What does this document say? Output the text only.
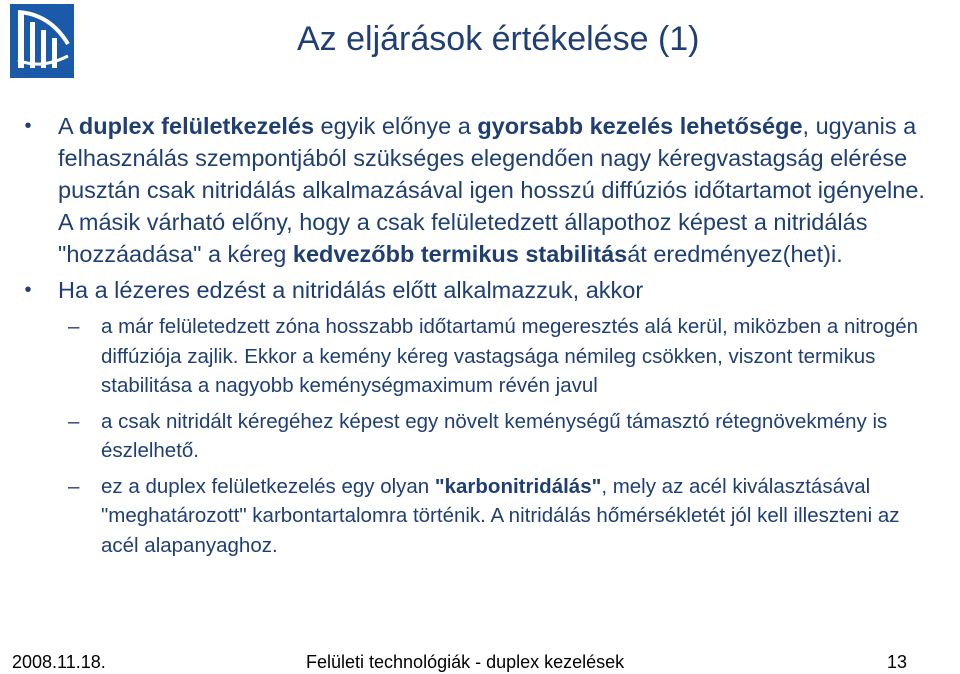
Az eljárások értékelése (1)
• A duplex felületkezelés egyik előnye a gyorsabb kezelés lehetősége, ugyanis a felhasználás szempontjából szükséges elegendően nagy kéregvastagság elérése pusztán csak nitridálás alkalmazásával igen hosszú diffúziós időtartamot igényelne. A másik várható előny, hogy a csak felületedzett állapothoz képest a nitridálás "hozzáadása" a kéreg kedvezőbb termikus stabilitását eredményez(het)i.
• Ha a lézeres edzést a nitridálás előtt alkalmazzuk, akkor
–	a már felületedzett zóna hosszabb időtartamú megeresztés alá kerül, miközben a nitrogén diffúziója zajlik. Ekkor a kemény kéreg vastagsága némileg csökken, viszont termikus stabilitása a nagyobb keménységmaximum révén javul
–	a csak nitridált kéregéhez képest egy növelt keménységű támasztó rétegnövekmény is észlelhető.
–	ez a duplex felületkezelés egy olyan "karbonitridálás", mely az acél kiválasztásával "meghatározott" karbontartalomra történik. A nitridálás hőmérsékletét jól kell illeszteni az acél alapanyaghoz.
2008.11.18.	Felületi technológiák - duplex kezelések	13
